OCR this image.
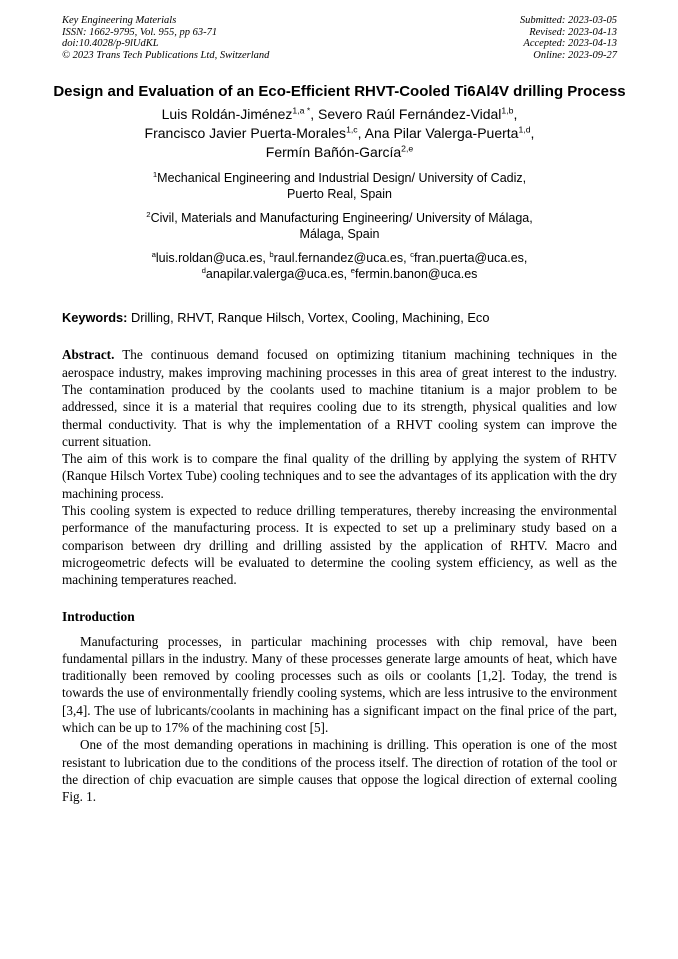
Key Engineering Materials
ISSN: 1662-9795, Vol. 955, pp 63-71
doi:10.4028/p-9lUdKL
© 2023 Trans Tech Publications Ltd, Switzerland
Submitted: 2023-03-05
Revised: 2023-04-13
Accepted: 2023-04-13
Online: 2023-09-27
Design and Evaluation of an Eco-Efficient RHVT-Cooled Ti6Al4V drilling Process
Luis Roldán-Jiménez$^{1,a *}$, Severo Raúl Fernández-Vidal$^{1,b}$,
Francisco Javier Puerta-Morales$^{1,c}$, Ana Pilar Valerga-Puerta$^{1,d}$,
Fermín Bañón-García$^{2,e}$
$^1$Mechanical Engineering and Industrial Design/ University of Cadiz,
Puerto Real, Spain
$^2$Civil, Materials and Manufacturing Engineering/ University of Málaga,
Málaga, Spain
$^a$luis.roldan@uca.es, $^b$raul.fernandez@uca.es, $^c$fran.puerta@uca.es,
$^d$anapilar.valerga@uca.es, $^e$fermin.banon@uca.es

Keywords: Drilling, RHVT, Ranque Hilsch, Vortex, Cooling, Machining, Eco

Abstract. The continuous demand focused on optimizing titanium machining techniques in the aerospace industry, makes improving machining processes in this area of great interest to the industry. The contamination produced by the coolants used to machine titanium is a major problem to be addressed, since it is a material that requires cooling due to its strength, physical qualities and low thermal conductivity. That is why the implementation of a RHVT cooling system can improve the current situation.

The aim of this work is to compare the final quality of the drilling by applying the system of RHTV (Ranque Hilsch Vortex Tube) cooling techniques and to see the advantages of its application with the dry machining process.

This cooling system is expected to reduce drilling temperatures, thereby increasing the environmental performance of the manufacturing process. It is expected to set up a preliminary study based on a comparison between dry drilling and drilling assisted by the application of RHTV. Macro and microgeometric defects will be evaluated to determine the cooling system efficiency, as well as the machining temperatures reached.

Introduction

Manufacturing processes, in particular machining processes with chip removal, have been fundamental pillars in the industry. Many of these processes generate large amounts of heat, which have traditionally been removed by cooling processes such as oils or coolants [1,2]. Today, the trend is towards the use of environmentally friendly cooling systems, which are less intrusive to the environment [3,4]. The use of lubricants/coolants in machining has a significant impact on the final price of the part, which can be up to 17% of the machining cost [5].

One of the most demanding operations in machining is drilling. This operation is one of the most resistant to lubrication due to the conditions of the process itself. The direction of rotation of the tool or the direction of chip evacuation are simple causes that oppose the logical direction of external cooling Fig. 1.
